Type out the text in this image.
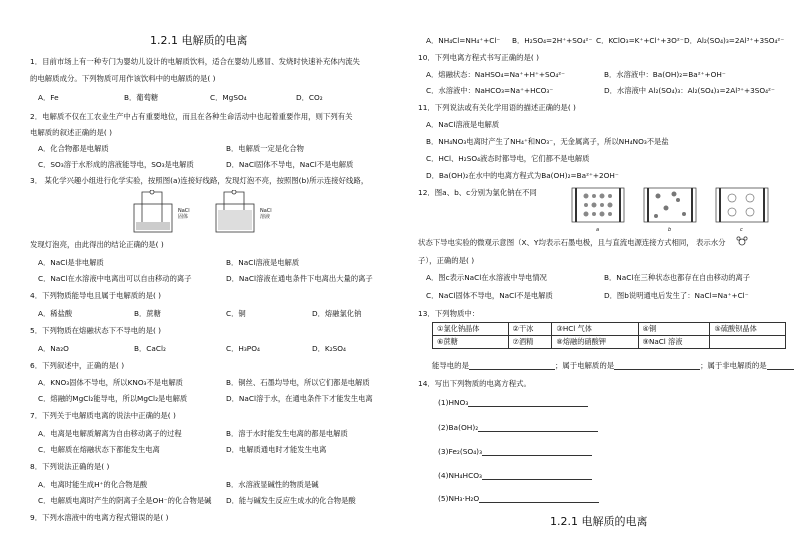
1.2.1 电解质的电离
1．目前市场上有一种专门为婴幼儿设计的电解质饮料，适合在婴幼儿感冒、发烧时快速补充体内流失
的电解质成分。下列物质可用作该饮料中的电解质的是( )
A．Fe	B．葡萄糖	C．MgSO₄	D．CO₂
2．电解质不仅在工农业生产中占有重要地位，而且在各种生命活动中也起着重要作用，则下列有关
电解质的叙述正确的是( )
A．化合物都是电解质	B．电解质一定是化合物
C．SO₃溶于水形成的溶液能导电，SO₃是电解质	D．NaCl固体不导电，NaCl不是电解质
3． 某化学兴趣小组进行化学实验，按照图(a)连接好线路，发现灯泡不亮，按照图(b)所示连接好线路，
NaCl
固体
NaCl
溶液
发现灯泡亮，由此得出的结论正确的是( )
A．NaCl是非电解质	B．NaCl溶液是电解质
C．NaCl在水溶液中电离出可以自由移动的离子	D．NaCl溶液在通电条件下电离出大量的离子
4．下列物质能导电且属于电解质的是( )
A．稀盐酸	B．蔗糖	C．铜	D．熔融氯化钠
5．下列物质在熔融状态下不导电的是( )
A．Na₂O	B．CaCl₂	C．H₃PO₄	D．K₂SO₄
6．下列叙述中，正确的是( )
A．KNO₃固体不导电，所以KNO₃不是电解质	B．铜丝、石墨均导电，所以它们都是电解质
C．熔融的MgCl₂能导电，所以MgCl₂是电解质	D．NaCl溶于水，在通电条件下才能发生电离
7．下列关于电解质电离的说法中正确的是( )
A．电离是电解质解离为自由移动离子的过程	B．溶于水时能发生电离的都是电解质
C．电解质在熔融状态下都能发生电离	D．电解质通电时才能发生电离
8．下列说法正确的是( )
A．电离时能生成H⁺的化合物是酸	B．水溶液显碱性的物质是碱
C．电解质电离时产生的阴离子全是OH⁻的化合物是碱 D．能与碱发生反应生成水的化合物是酸
9．下列水溶液中的电离方程式错误的是( )
A．NH₄Cl=NH₄⁺+Cl⁻ B．H₂SO₄=2H⁺+SO₄²⁻ C．KClO₃=K⁺+Cl⁺+3O²⁻ D．Al₂(SO₄)₃=2Al³⁺+3SO₄²⁻
10．下列电离方程式书写正确的是( )
A．熔融状态：NaHSO₄=Na⁺+H⁺+SO₄²⁻	B．水溶液中：Ba(OH)₂=Ba²⁺+OH⁻
C．水溶液中：NaHCO₃=Na⁺+HCO₃⁻	D．水溶液中 Al₂(SO₄)₃：Al₂(SO₄)₃=2Al³⁺+3SO₄²⁻
11．下列说法或有关化学用语的描述正确的是( )
A．NaCl溶液是电解质
B．NH₄NO₃电离时产生了NH₄⁺和NO₃⁻，无金属离子，所以NH₄NO₃不是盐
C．HCl、H₂SO₄液态时都导电，它们都不是电解质
D．Ba(OH)₂在水中的电离方程式为Ba(OH)₂=Ba²⁺+2OH⁻
12．图a、b、c分别为氯化钠在不同
a	b	c
状态下导电实验的微观示意图（X、Y均表示石墨电极，且与直流电源连接方式相同， 表示水分
子），正确的是( )
A．图c表示NaCl在水溶液中导电情况	B．NaCl在三种状态也都存在自由移动的离子
C．NaCl固体不导电，NaCl不是电解质	D．图b说明通电后发生了：NaCl=Na⁺+Cl⁻
13．下列物质中：
①氯化钠晶体	②干冰	③HCl 气体	④铜	⑤硫酸钡晶体
⑥蔗糖	⑦酒精	⑧熔融的硝酸钾	⑨NaCl 溶液	
能导电的是	；属于电解质的是	；属于非电解质的是
14．写出下列物质的电离方程式。
(1)HNO₃
(2)Ba(OH)₂
(3)Fe₂(SO₄)₃
(4)NH₄HCO₃
(5)NH₃·H₂O
1.2.1 电解质的电离
